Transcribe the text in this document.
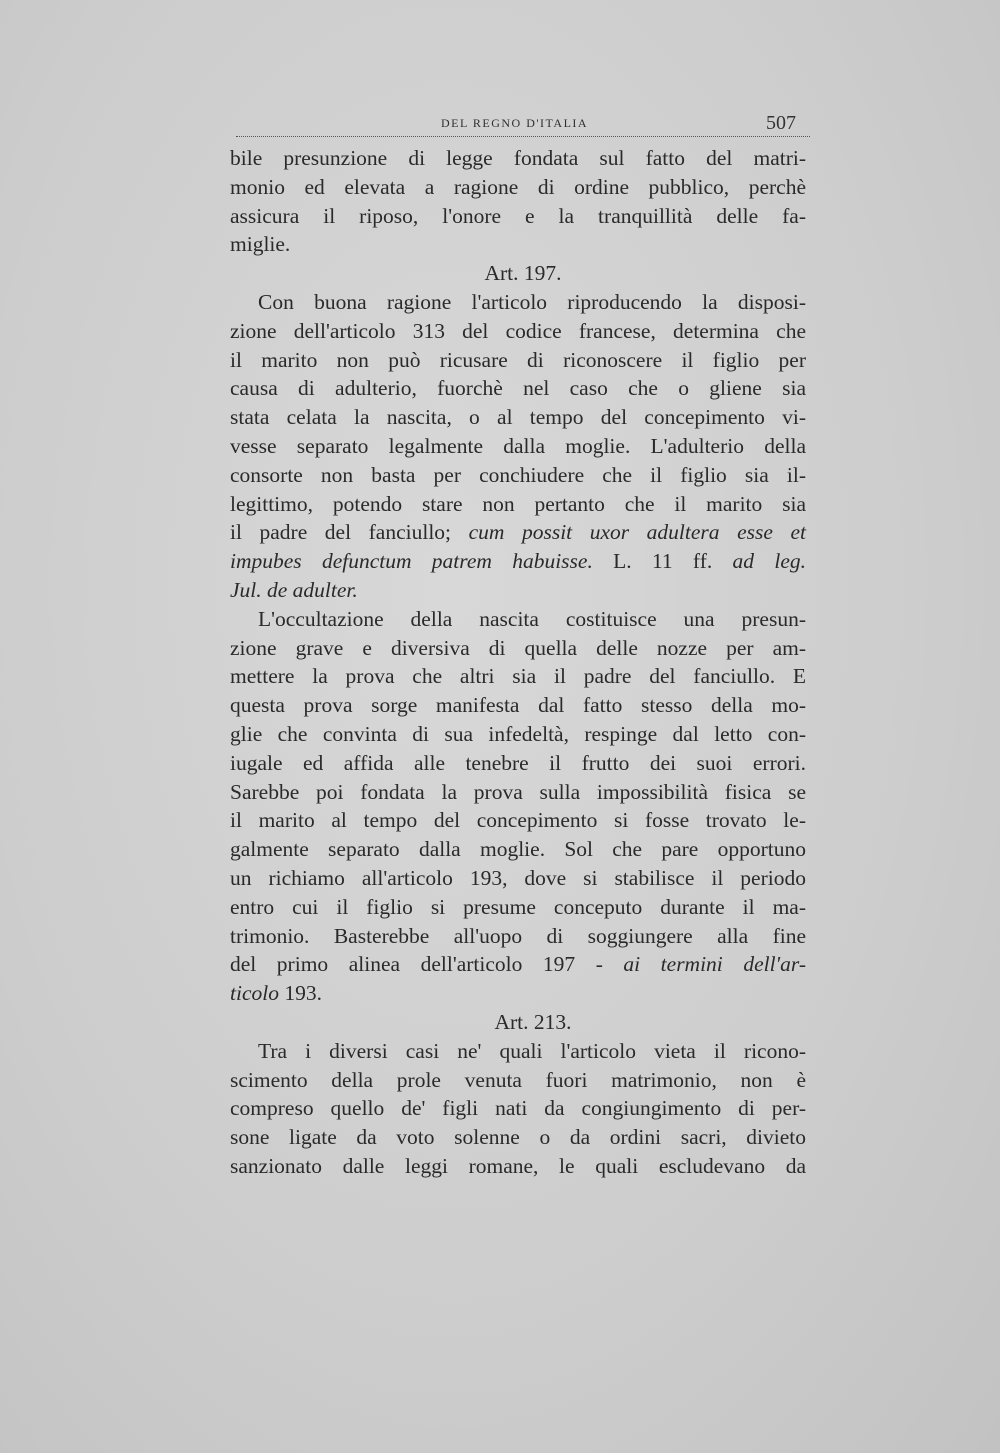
DEL REGNO D'ITALIA	507
bile presunzione di legge fondata sul fatto del matri-
monio ed elevata a ragione di ordine pubblico, perchè
assicura il riposo, l'onore e la tranquillità delle fa-
miglie.
Art. 197.
Con buona ragione l'articolo riproducendo la disposi-
zione dell'articolo 313 del codice francese, determina che
il marito non può ricusare di riconoscere il figlio per
causa di adulterio, fuorchè nel caso che o gliene sia
stata celata la nascita, o al tempo del concepimento vi-
vesse separato legalmente dalla moglie. L'adulterio della
consorte non basta per conchiudere che il figlio sia il-
legittimo, potendo stare non pertanto che il marito sia
il padre del fanciullo; cum possit uxor adultera esse et
impubes defunctum patrem habuisse. L. 11 ff. ad leg.
Jul. de adulter.
L'occultazione della nascita costituisce una presun-
zione grave e diversiva di quella delle nozze per am-
mettere la prova che altri sia il padre del fanciullo. E
questa prova sorge manifesta dal fatto stesso della mo-
glie che convinta di sua infedeltà, respinge dal letto con-
iugale ed affida alle tenebre il frutto dei suoi errori.
Sarebbe poi fondata la prova sulla impossibilità fisica se
il marito al tempo del concepimento si fosse trovato le-
galmente separato dalla moglie. Sol che pare opportuno
un richiamo all'articolo 193, dove si stabilisce il periodo
entro cui il figlio si presume conceputo durante il ma-
trimonio. Basterebbe all'uopo di soggiungere alla fine
del primo alinea dell'articolo 197 - ai termini dell'ar-
ticolo 193.
Art. 213.
Tra i diversi casi ne' quali l'articolo vieta il ricono-
scimento della prole venuta fuori matrimonio, non è
compreso quello de' figli nati da congiungimento di per-
sone ligate da voto solenne o da ordini sacri, divieto
sanzionato dalle leggi romane, le quali escludevano da
